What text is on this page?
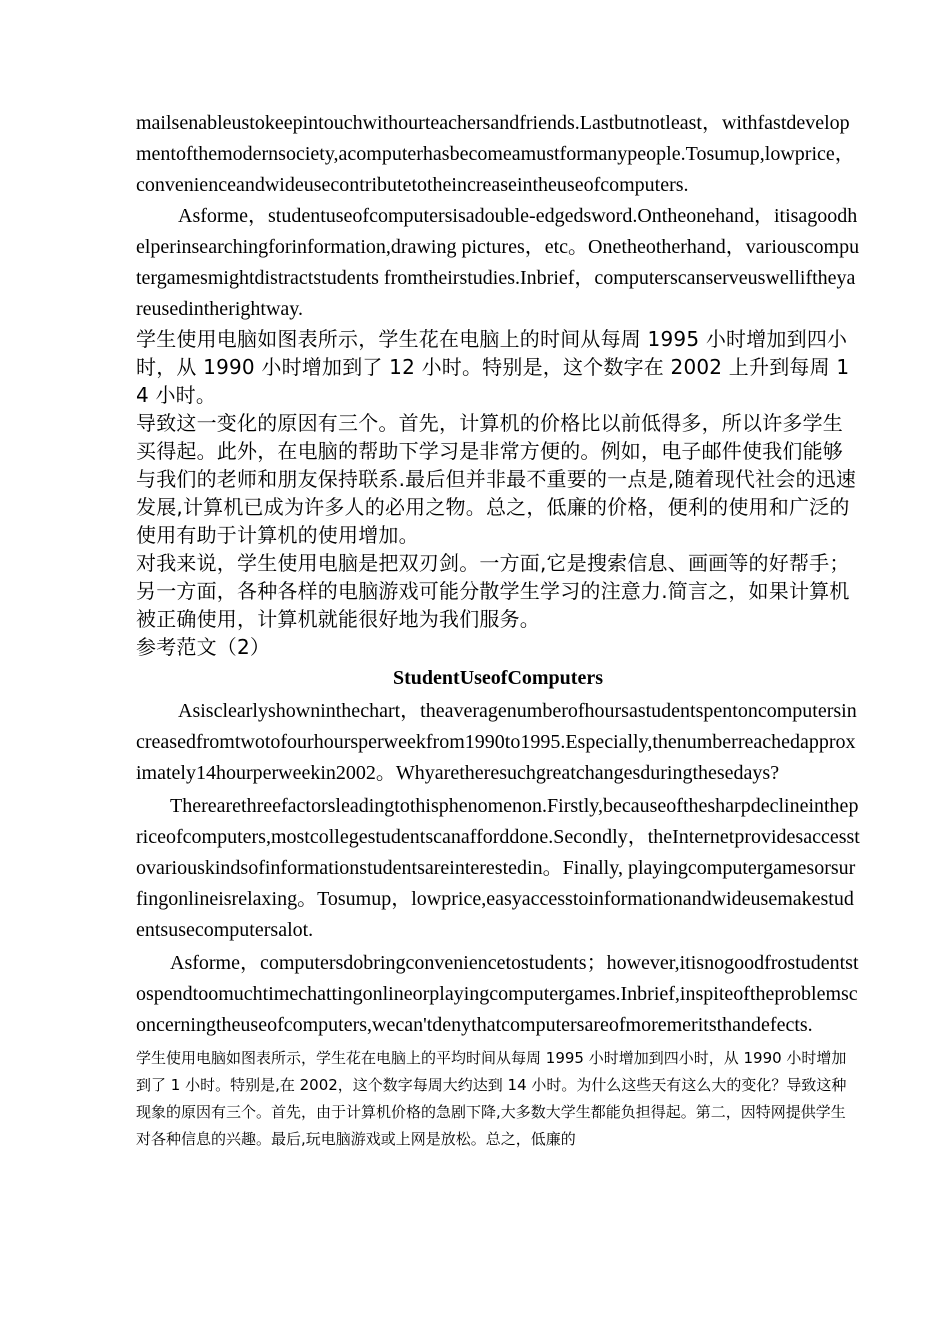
mailsenableustokeepintouchwithourteachersandfriends.Lastbutnotleast，withfastdevelopmentofthemodernsociety,acomputerhasbecomeamustformanypeople.Tosumup,lowprice，convenienceandwideusecontributetotheincreaseintheuseofcomputers.

Asforme，studentuseofcomputersisadouble-edgedsword.Ontheonehand，itisagoodhelperinsearchingforinformation,drawing pictures，etc。Onetheotherhand，variouscomputergamesmightdistractstudents fromtheirstudies.Inbrief，computerscanserveuswelliftheyareusedintherightway.

学生使用电脑如图表所示，学生花在电脑上的时间从每周 1995 小时增加到四小时，从 1990 小时增加到了 12 小时。特别是，这个数字在 2002 上升到每周 14 小时。

导致这一变化的原因有三个。首先，计算机的价格比以前低得多，所以许多学生买得起。此外，在电脑的帮助下学习是非常方便的。例如，电子邮件使我们能够与我们的老师和朋友保持联系.最后但并非最不重要的一点是,随着现代社会的迅速发展,计算机已成为许多人的必用之物。总之，低廉的价格，便利的使用和广泛的使用有助于计算机的使用增加。

对我来说，学生使用电脑是把双刃剑。一方面,它是搜索信息、画画等的好帮手；另一方面，各种各样的电脑游戏可能分散学生学习的注意力.简言之，如果计算机被正确使用，计算机就能很好地为我们服务。

参考范文（2）

StudentUseofComputers

Asisclearlyshowninthechart，theaveragenumberofhoursastudentspentoncomputersincreasedfromtwotofourhoursperweekfrom1990to1995.Especially,thenumberreachedapproximately14hourperweekin2002。Whyaretheresuchgreatchangesduringthesedays?

Therearethreefactorsleadingtothisphenomenon.Firstly,becauseofthesharpdeclineinthepriceofcomputers,mostcollegestudentscanafforddone.Secondly，theInternetprovidesaccesstovariouskindsofinformationstudentsareinterestedin。Finally, playingcomputergamesorsurfingonlineisrelaxing。Tosumup，lowprice,easyaccesstoinformationandwideusemakestudentsusecomputersalot.

Asforme，computersdobringconveniencetostudents；however,itisnogoodfrostudentstospendtoomuchtimechattingonlineorplayingcomputergames.Inbrief,inspiteoftheproblemsconcerningtheuseofcomputers,wecan'tdenythatcomputersareofmoremeritsthandefects.

学生使用电脑如图表所示，学生花在电脑上的平均时间从每周 1995 小时增加到四小时，从 1990 小时增加到了 1 小时。特别是,在 2002，这个数字每周大约达到 14 小时。为什么这些天有这么大的变化？导致这种现象的原因有三个。首先，由于计算机价格的急剧下降,大多数大学生都能负担得起。第二，因特网提供学生对各种信息的兴趣。最后,玩电脑游戏或上网是放松。总之，低廉的
